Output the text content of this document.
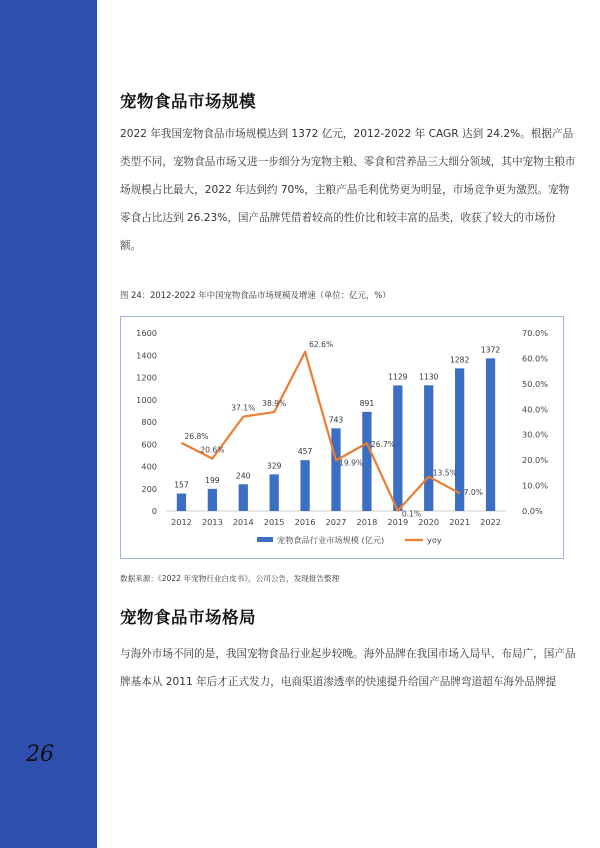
26
宠物食品市场规模
2022 年我国宠物食品市场规模达到 1372 亿元，2012-2022 年 CAGR 达到 24.2%。根据产品类型不同，宠物食品市场又进一步细分为宠物主粮、零食和营养品三大细分领域，其中宠物主粮市场规模占比最大，2022 年达到约 70%，主粮产品毛利优势更为明显，市场竞争更为激烈。宠物零食占比达到 26.23%，国产品牌凭借着较高的性价比和较丰富的品类，收获了较大的市场份额。
图 24：2012-2022 年中国宠物食品市场规模及增速（单位：亿元，%）
0
200
400
600
800
1000
1200
1400
1600
0.0%
10.0%
20.0%
30.0%
40.0%
50.0%
60.0%
70.0%
157
2012
199
2013
240
2014
329
2015
457
2016
743
2027
891
2018
1129
2019
1130
2020
1282
2021
1372
2022
26.8%
20.6%
37.1%
38.9%
62.6%
19.9%
26.7%
0.1%
13.5%
7.0%
宠物食品行业市场规模 (亿元)	yoy
数据来源：《2022 年宠物行业白皮书》，公司公告，发现报告整理
宠物食品市场格局
与海外市场不同的是，我国宠物食品行业起步较晚。海外品牌在我国市场入局早、布局广，国产品牌基本从 2011 年后才正式发力，电商渠道渗透率的快速提升给国产品牌弯道超车海外品牌提
